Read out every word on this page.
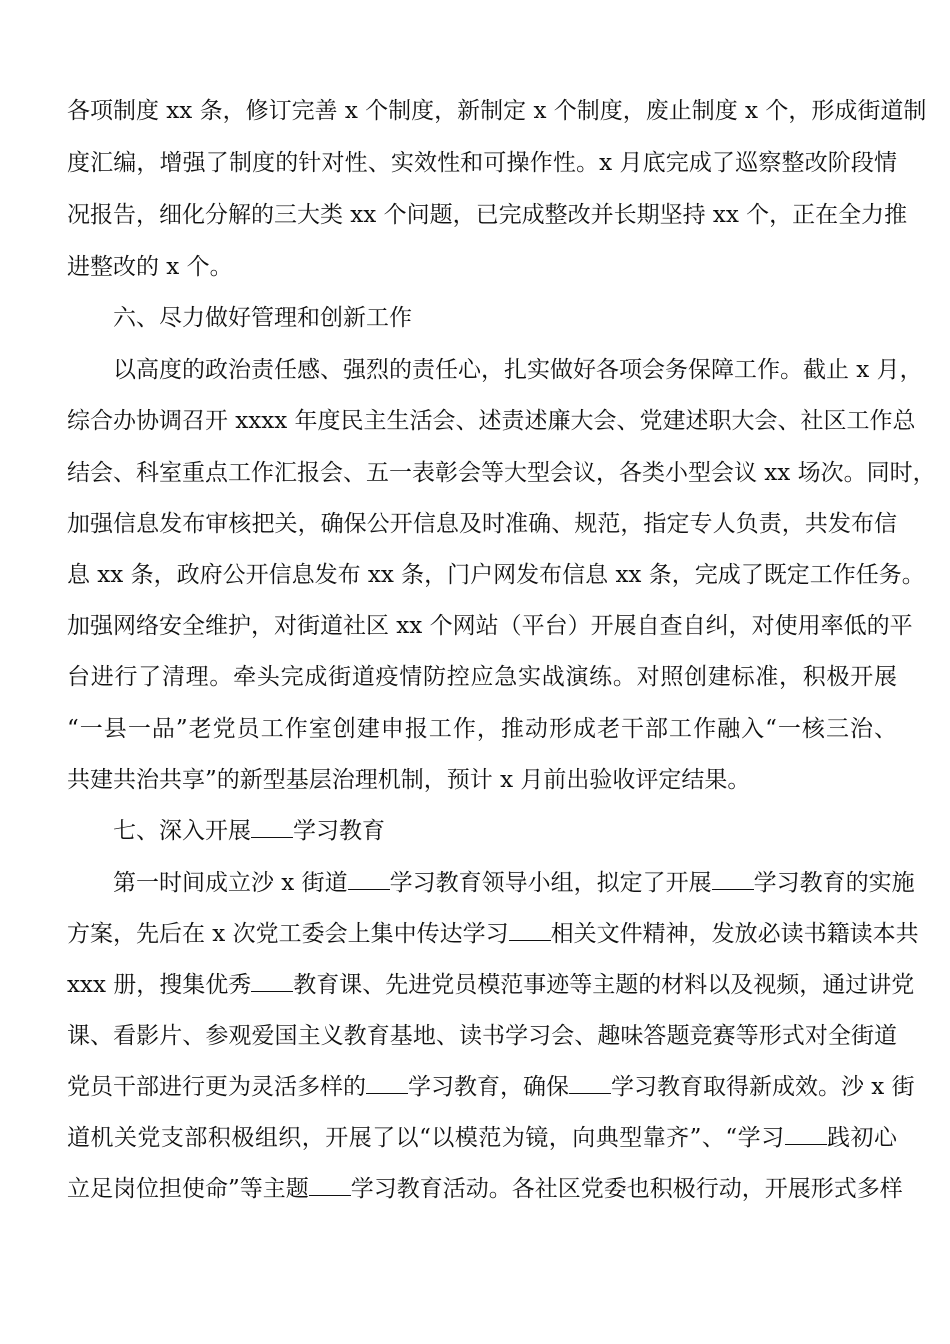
各项制度 xx 条，修订完善 x 个制度，新制定 x 个制度，废止制度 x 个，形成街道制
度汇编，增强了制度的针对性、实效性和可操作性。x 月底完成了巡察整改阶段情
况报告，细化分解的三大类 xx 个问题，已完成整改并长期坚持 xx 个，正在全力推
进整改的 x 个。
六、尽力做好管理和创新工作
以高度的政治责任感、强烈的责任心，扎实做好各项会务保障工作。截止 x 月，
综合办协调召开 xxxx 年度民主生活会、述责述廉大会、党建述职大会、社区工作总
结会、科室重点工作汇报会、五一表彰会等大型会议，各类小型会议 xx 场次。同时，
加强信息发布审核把关，确保公开信息及时准确、规范，指定专人负责，共发布信
息 xx 条，政府公开信息发布 xx 条，门户网发布信息 xx 条，完成了既定工作任务。
加强网络安全维护，对街道社区 xx 个网站（平台）开展自查自纠，对使用率低的平
台进行了清理。牵头完成街道疫情防控应急实战演练。对照创建标准，积极开展
“一县一品”老党员工作室创建申报工作，推动形成老干部工作融入“一核三治、
共建共治共享”的新型基层治理机制，预计 x 月前出验收评定结果。
七、深入开展 学习教育
第一时间成立沙 x 街道 学习教育领导小组，拟定了开展 学习教育的实施
方案，先后在 x 次党工委会上集中传达学习 相关文件精神，发放必读书籍读本共
xxx 册，搜集优秀 教育课、先进党员模范事迹等主题的材料以及视频，通过讲党
课、看影片、参观爱国主义教育基地、读书学习会、趣味答题竞赛等形式对全街道
党员干部进行更为灵活多样的 学习教育，确保 学习教育取得新成效。沙 x 街
道机关党支部积极组织，开展了以“以模范为镜，向典型靠齐”、“学习 践初心
立足岗位担使命”等主题 学习教育活动。各社区党委也积极行动，开展形式多样
